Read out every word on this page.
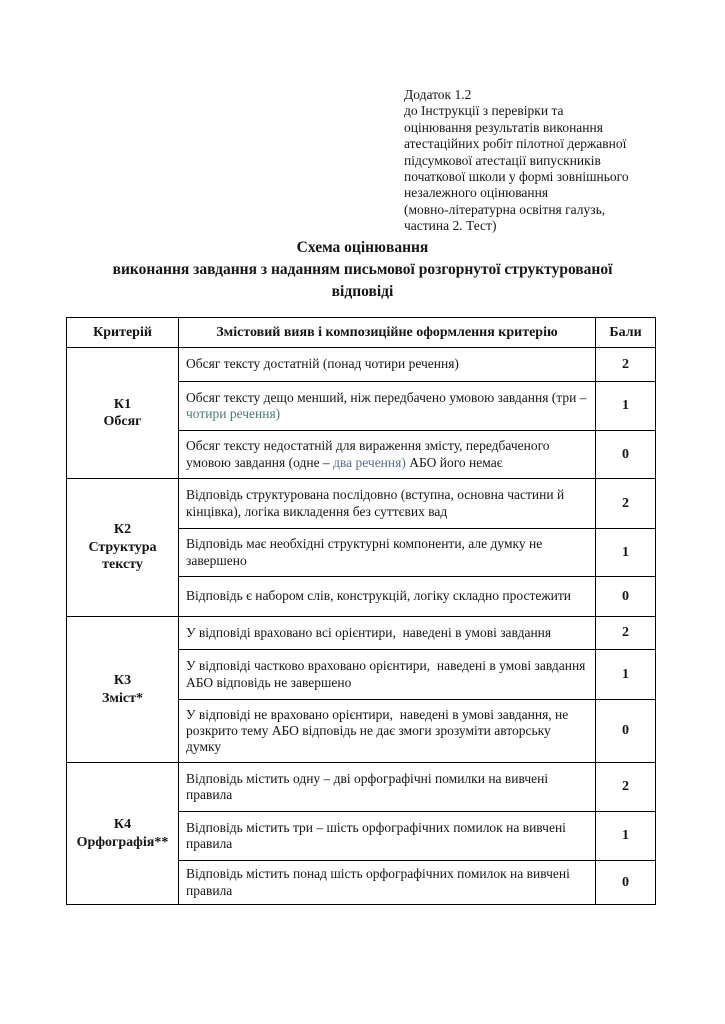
Додаток 1.2
до Інструкції з перевірки та
оцінювання результатів виконання
атестаційних робіт пілотної державної
підсумкової атестації випускників
початкової школи у формі зовнішнього
незалежного оцінювання
(мовно-літературна освітня галузь,
частина 2. Тест)
Схема оцінювання
виконання завдання з наданням письмової розгорнутої структурованої
відповіді
Критерій	Змістовий вияв і композиційне оформлення критерію	Бали

К1
Обсяг	Обсяг тексту достатній (понад чотири речення)	2
	Обсяг тексту дещо менший, ніж передбачено умовою завдання (три – чотири речення)	1
	Обсяг тексту недостатній для вираження змісту, передбаченого умовою завдання (одне – два речення) АБО його немає	0

К2
Структура
тексту	Відповідь структурована послідовно (вступна, основна частини й кінцівка), логіка викладення без суттєвих вад	2
	Відповідь має необхідні структурні компоненти, але думку не завершено	1
	Відповідь є набором слів, конструкцій, логіку складно простежити	0

К3
Зміст*	У відповіді враховано всі орієнтири,  наведені в умові завдання	2
	У відповіді частково враховано орієнтири,  наведені в умові завдання АБО відповідь не завершено	1
	У відповіді не враховано орієнтири,  наведені в умові завдання, не розкрито тему АБО відповідь не дає змоги зрозуміти авторську думку	0

К4
Орфографія**	Відповідь містить одну – дві орфографічні помилки на вивчені правила	2
	Відповідь містить три – шість орфографічних помилок на вивчені правила	1
	Відповідь містить понад шість орфографічних помилок на вивчені правила	0
